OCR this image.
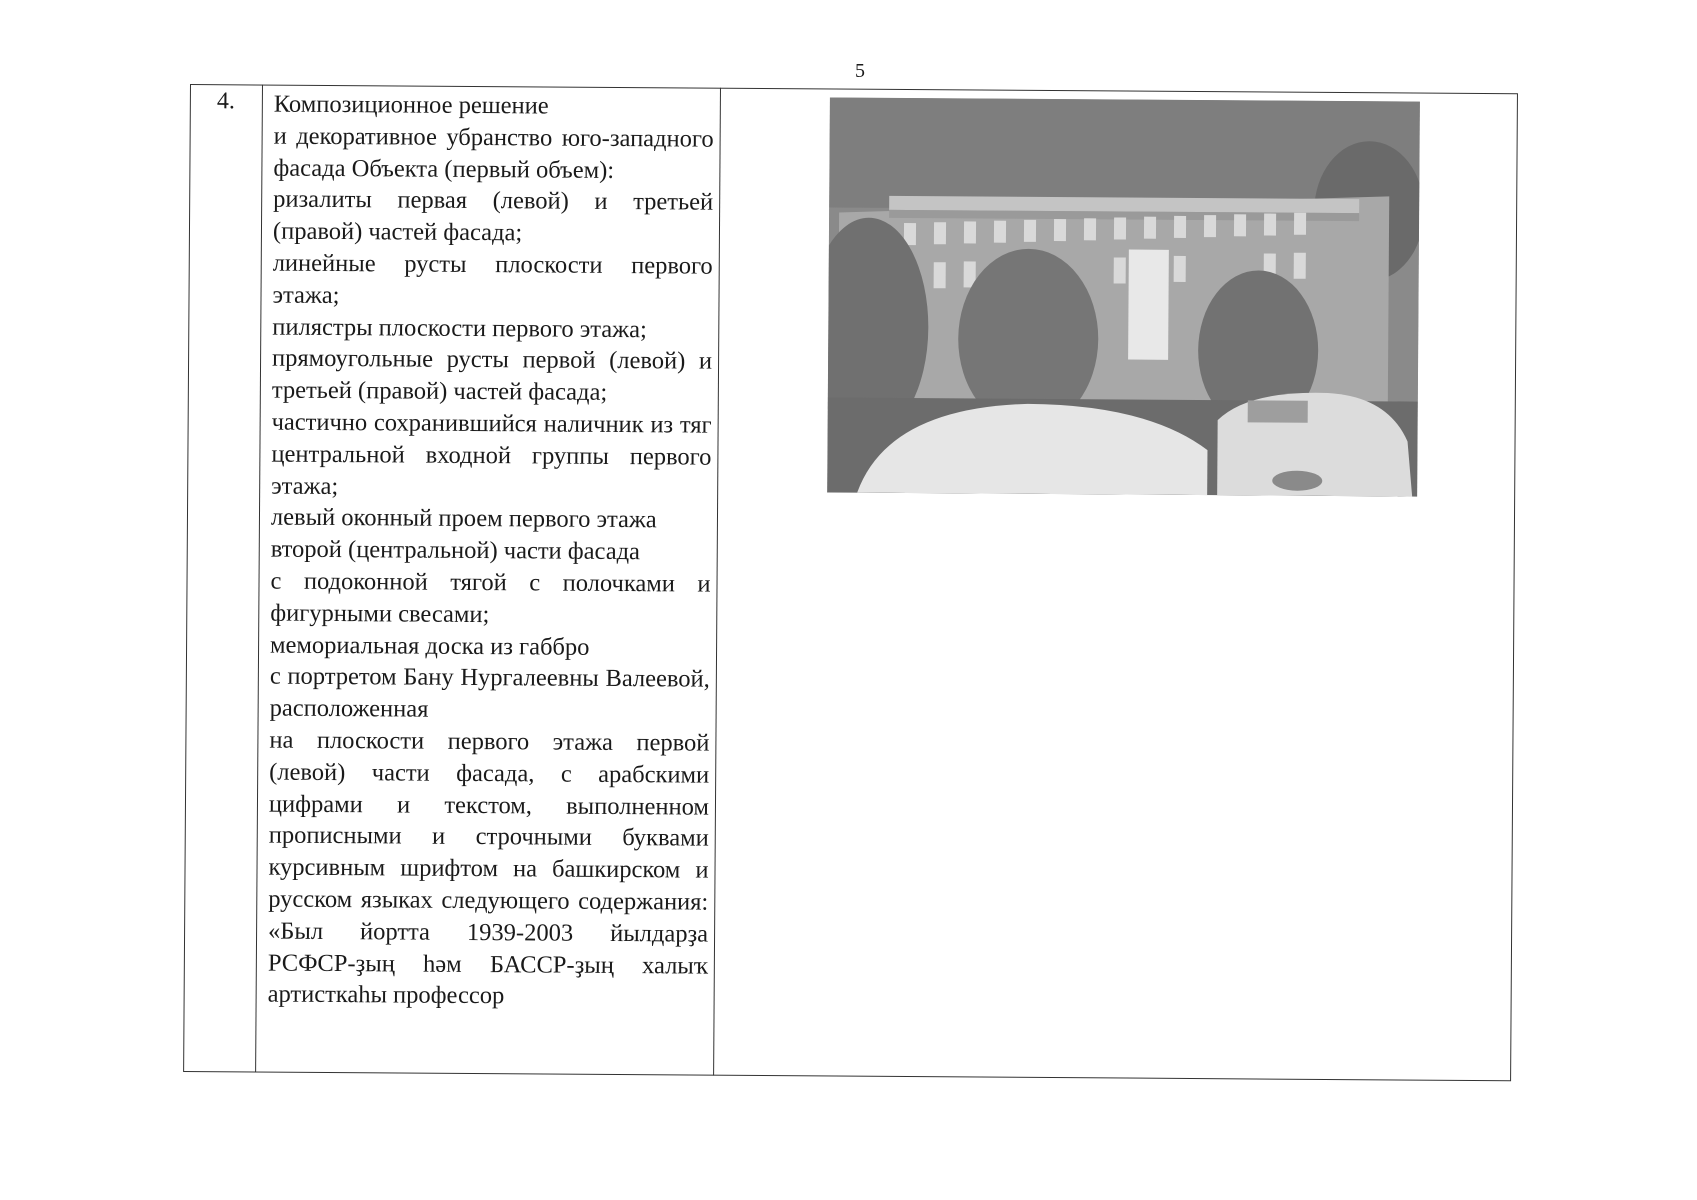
5
4.	Композиционное решение

и декоративное убранство юго-западного фасада Объекта (первый объем):

ризалиты первая (левой) и третьей (правой) частей фасада;

линейные русты плоскости первого этажа;

пилястры плоскости первого этажа;

прямоугольные русты первой (левой) и третьей (правой) частей фасада;

частично сохранившийся наличник из тяг центральной входной группы первого этажа;

левый оконный проем первого этажа второй (центральной) части фасада

с подоконной тягой с полочками и фигурными свесами;

мемориальная доска из габбро

с портретом Бану Нургалеевны Валеевой, расположенная

на плоскости первого этажа первой (левой) части фасада, с арабскими цифрами и текстом, выполненном прописными и строчными буквами курсивным шрифтом на башкирском и русском языках следующего содержания: «Был йортта 1939-2003 йылдарҙа РСФСР-ҙың һәм БАССР-ҙың халыҡ артисткаһы профессор
